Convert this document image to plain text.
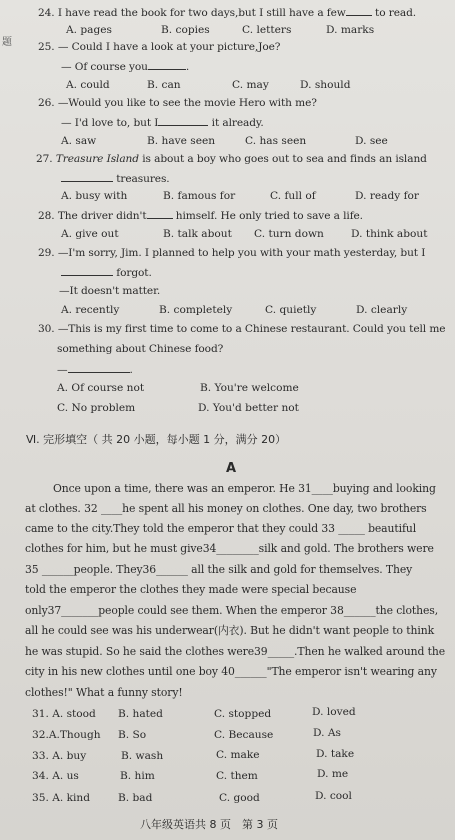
题
24. I have read the book for two days,but I still have a few to read.
A. pages	B. copies	C. letters	D. marks
25. — Could I have a look at your picture,Joe?
— Of course you	.
A. could	B. can	C. may	D. should
26. —Would you like to see the movie Hero with me?
— I'd love to, but I	it already.
A. saw	B. have seen	C. has seen	D. see
27. Treasure Island is about a boy who goes out to sea and finds an island
treasures.
A. busy with	B. famous for	C. full of	D. ready for
28. The driver didn't himself. He only tried to save a life.
A. give out	B. talk about C. turn down	D. think about
29. —I'm sorry, Jim. I planned to help you with your math yesterday, but I
forgot.
—It doesn't matter.
A. recently	B. completely	C. quietly	D. clearly
30. —This is my first time to come to a Chinese restaurant. Could you tell me
something about Chinese food?
—	.
A. Of course not	B. You're welcome
C. No problem	D. You'd better not
Ⅵ. 完形填空（ 共 20 小题，每小题 1 分，满分 20）
A
Once upon a time, there was an emperor. He 31____buying and looking
at clothes. 32 ____he spent all his money on clothes. One day, two brothers
came to the city.They told the emperor that they could 33 _____ beautiful
clothes for him, but he must give34________silk and gold. The brothers were
35 ______people. They36______ all the silk and gold for themselves. They
told the emperor the clothes they made were special because
only37_______people could see them. When the emperor 38______the clothes,
all he could see was his underwear(内衣). But he didn't want people to think
he was stupid. So he said the clothes were39_____.Then he walked around the
city in his new clothes until one boy 40______"The emperor isn't wearing any
clothes!" What a funny story!
31. A. stood B. hated	C. stopped	D. loved
32.A.Though B. So	C. Because	D. As
33. A. buy	B. wash	C. make	D. take
34. A. us	B. him	C. them	D. me
35. A. kind	B. bad	C. good	D. cool
八年级英语共 8 页　第 3 页
